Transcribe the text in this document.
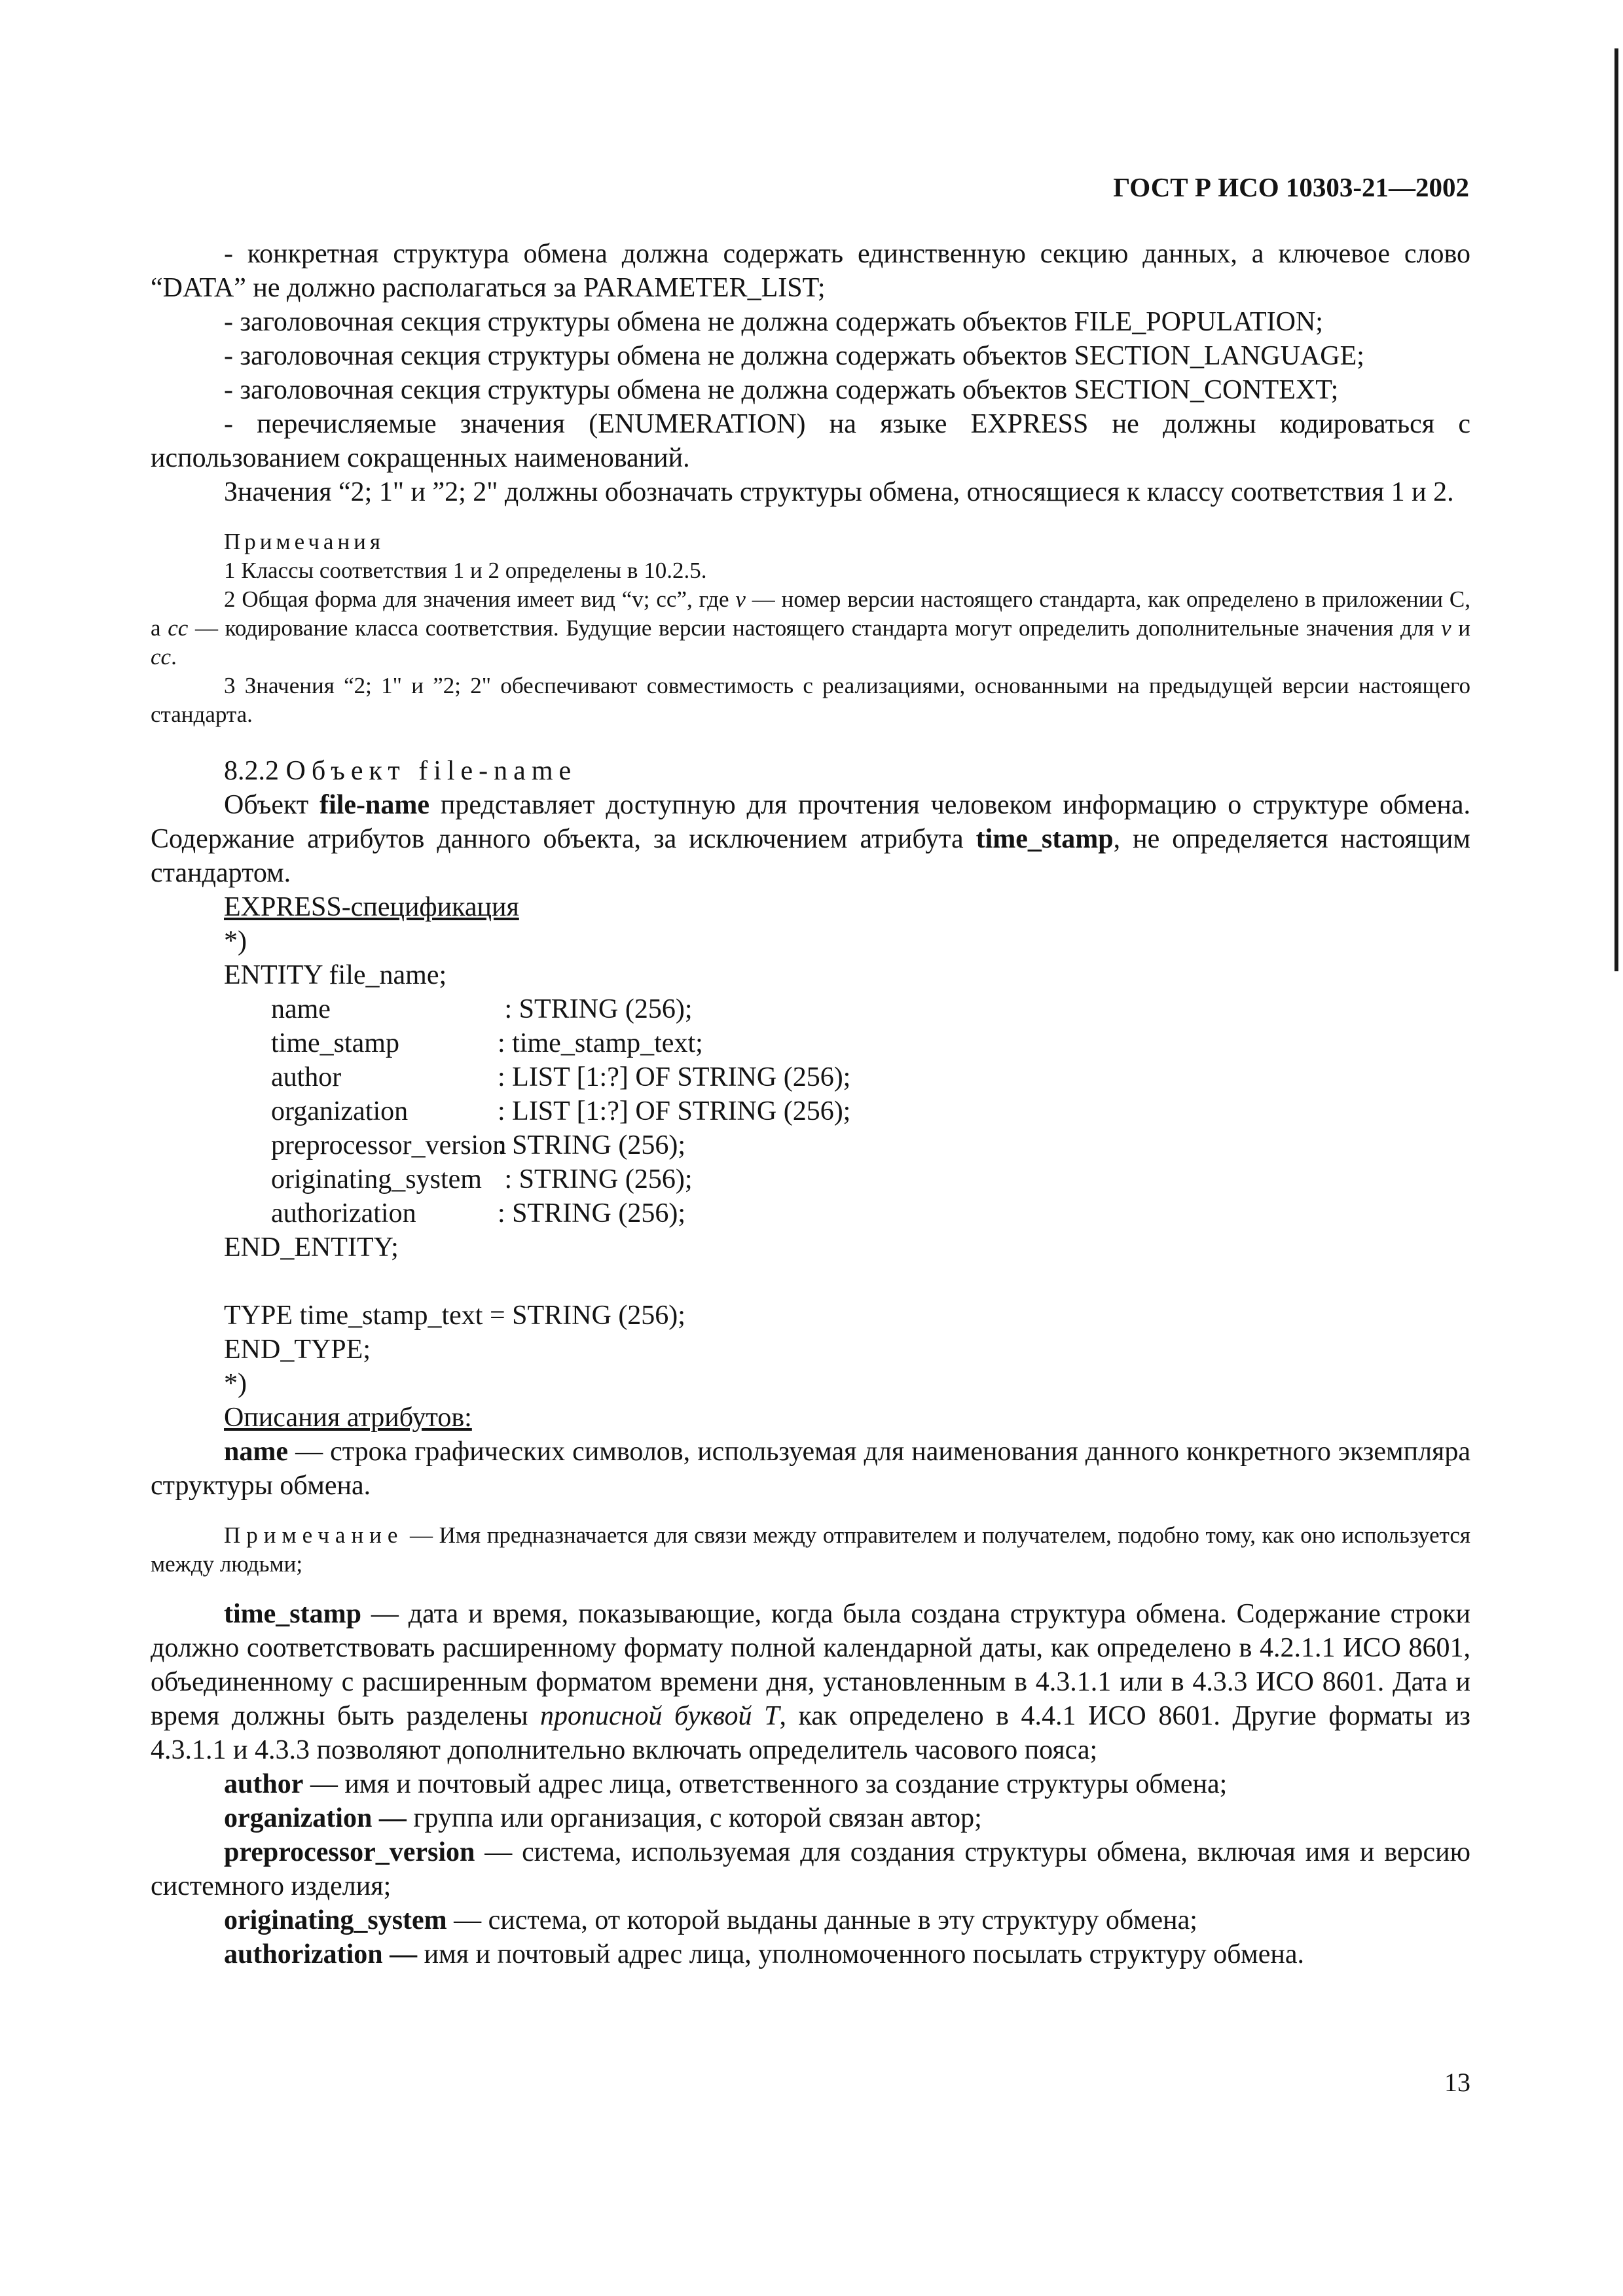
ГОСТ Р ИСО 10303-21—2002

- конкретная структура обмена должна содержать единственную секцию данных, а ключевое слово “DATA” не должно располагаться за PARAMETER_LIST;

- заголовочная секция структуры обмена не должна содержать объектов FILE_POPULATION;

- заголовочная секция структуры обмена не должна содержать объектов SECTION_LANGUAGE;

- заголовочная секция структуры обмена не должна содержать объектов SECTION_CONTEXT;

- перечисляемые значения (ENUMERATION) на языке EXPRESS не должны кодироваться с использованием сокращенных наименований.

Значения “2; 1" и ”2; 2" должны обозначать структуры обмена, относящиеся к классу соответствия 1 и 2.

Примечания

1 Классы соответствия 1 и 2 определены в 10.2.5.

2 Общая форма для значения имеет вид “v; cc”, где v — номер версии настоящего стандарта, как определено в приложении С, а cc — кодирование класса соответствия. Будущие версии настоящего стандарта могут определить дополнительные значения для v и cc.

3 Значения “2; 1" и ”2; 2" обеспечивают совместимость с реализациями, основанными на предыдущей версии настоящего стандарта.

8.2.2 Объект file-name

Объект file-name представляет доступную для прочтения человеком информацию о структуре обмена. Содержание атрибутов данного объекта, за исключением атрибута time_stamp, не определяется настоящим стандартом.

EXPRESS-спецификация
*)
ENTITY file_name;
name	: STRING (256);
time_stamp	: time_stamp_text;
author	: LIST [1:?] OF STRING (256);
organization	: LIST [1:?] OF STRING (256);
preprocessor_version
: STRING (256);
originating_system : STRING (256);
authorization	: STRING (256);
END_ENTITY;
TYPE time_stamp_text = STRING (256);
END_TYPE;
*)
Описания атрибутов:

name — строка графических символов, используемая для наименования данного конкретного экземпляра структуры обмена.

Примечание — Имя предназначается для связи между отправителем и получателем, подобно тому, как оно используется между людьми;

time_stamp — дата и время, показывающие, когда была создана структура обмена. Содержание строки должно соответствовать расширенному формату полной календарной даты, как определено в 4.2.1.1 ИСО 8601, объединенному с расширенным форматом времени дня, установленным в 4.3.1.1 или в 4.3.3 ИСО 8601. Дата и время должны быть разделены прописной буквой Т, как определено в 4.4.1 ИСО 8601. Другие форматы из 4.3.1.1 и 4.3.3 позволяют дополнительно включать определитель часового пояса;

author — имя и почтовый адрес лица, ответственного за создание структуры обмена;

organization — группа или организация, с которой связан автор;

preprocessor_version — система, используемая для создания структуры обмена, включая имя и версию системного изделия;

originating_system — система, от которой выданы данные в эту структуру обмена;

authorization — имя и почтовый адрес лица, уполномоченного посылать структуру обмена.

13
